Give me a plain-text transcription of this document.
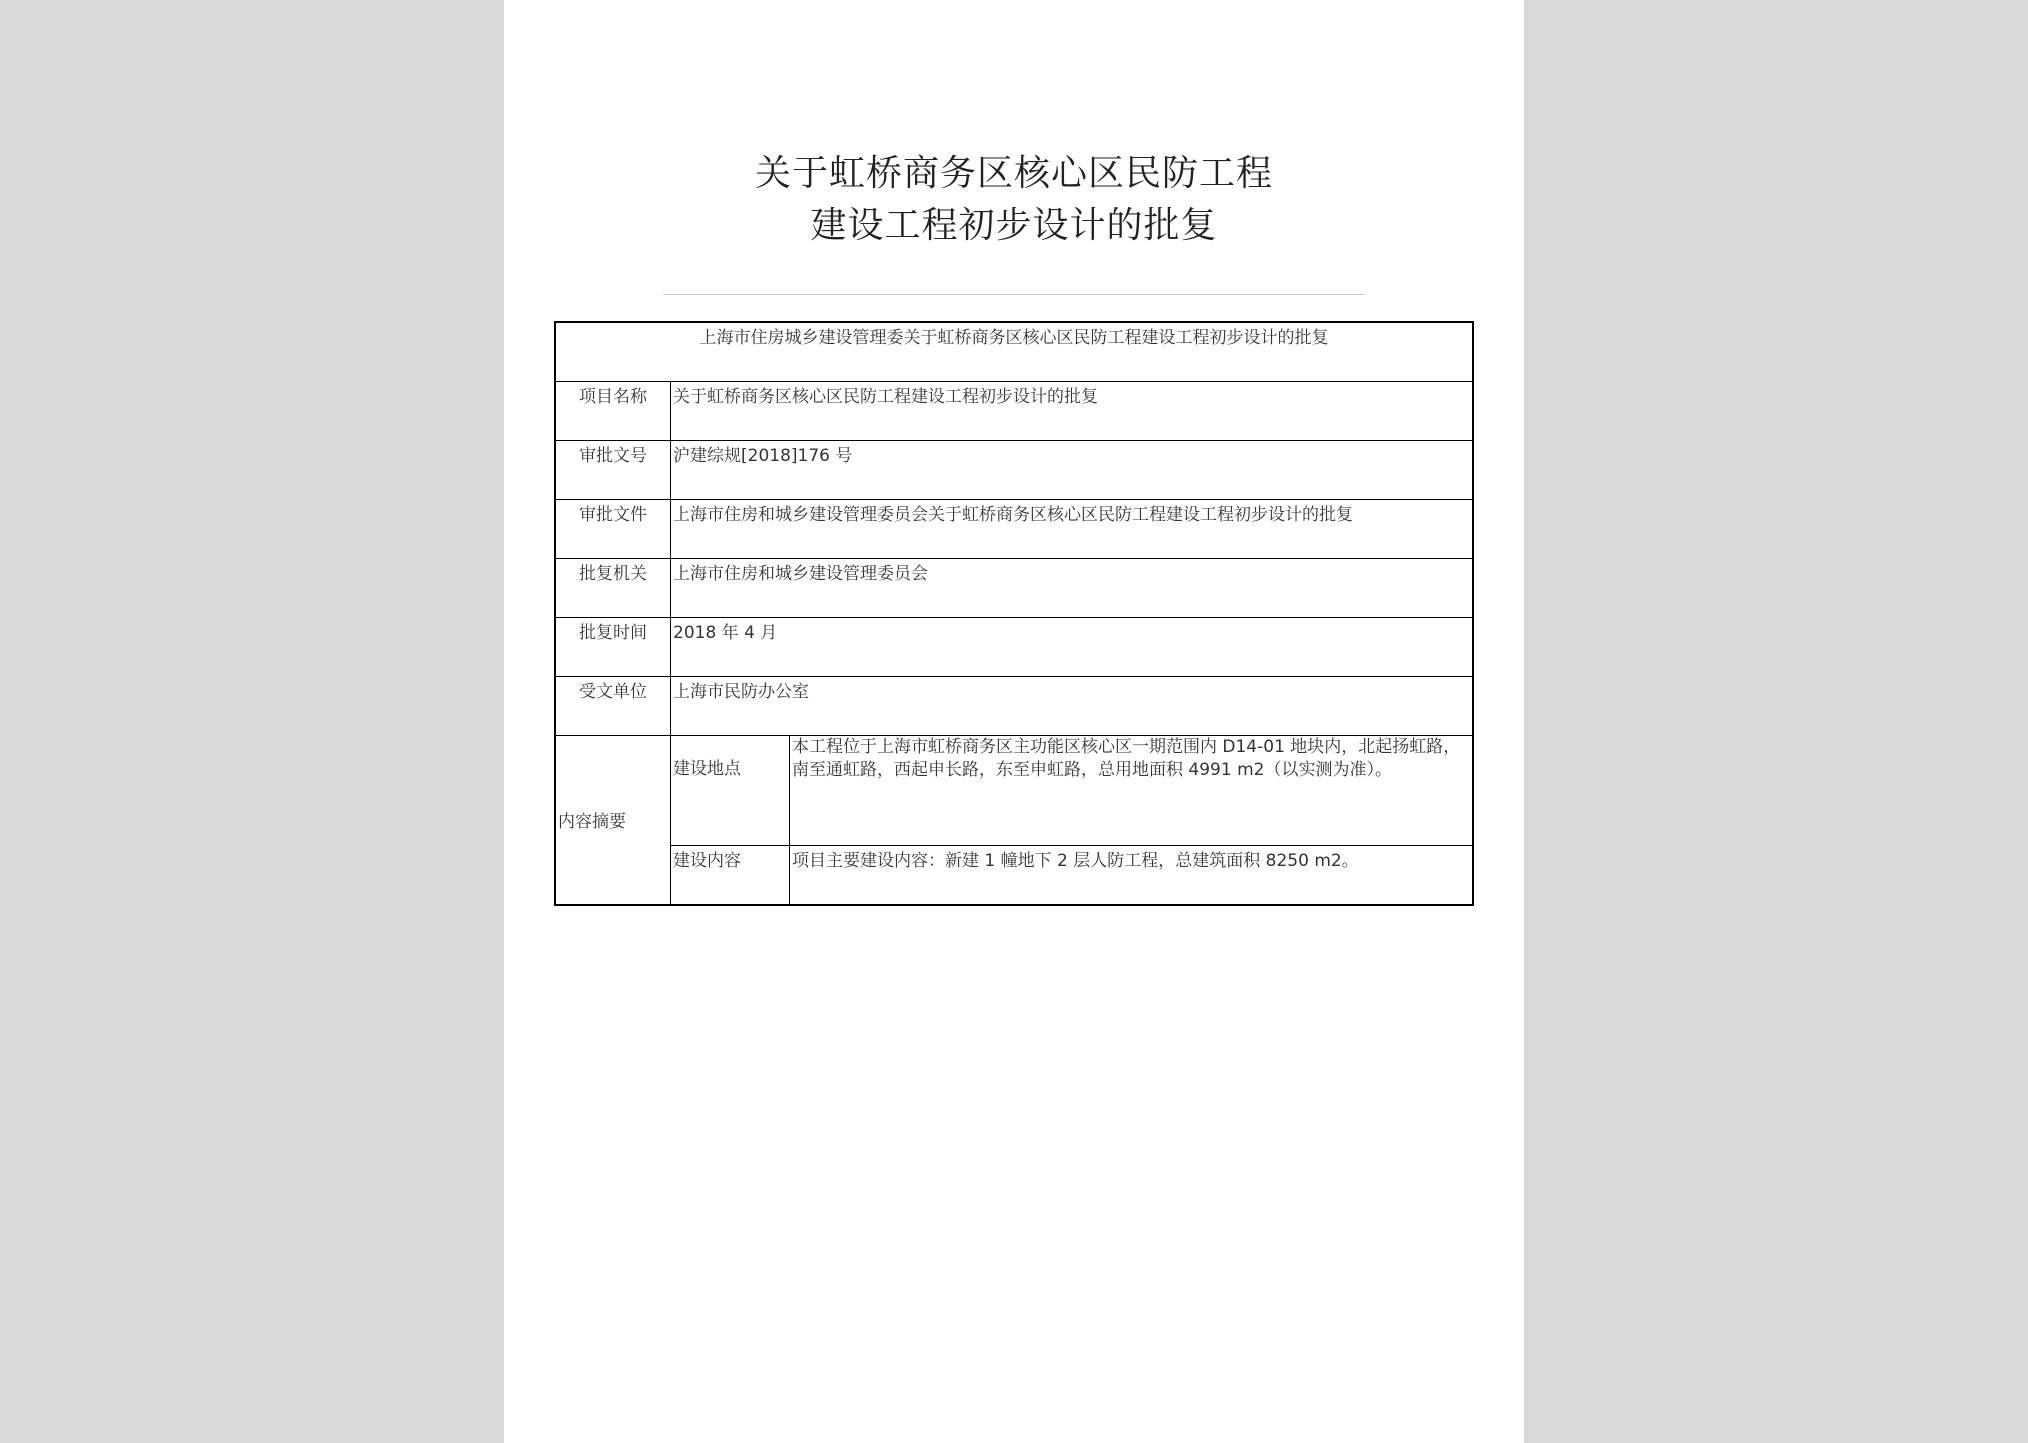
关于虹桥商务区核心区民防工程
建设工程初步设计的批复
上海市住房城乡建设管理委关于虹桥商务区核心区民防工程建设工程初步设计的批复		
项目名称	关于虹桥商务区核心区民防工程建设工程初步设计的批复	
审批文号	沪建综规[2018]176 号	
审批文件	上海市住房和城乡建设管理委员会关于虹桥商务区核心区民防工程建设工程初步设计的批复	
批复机关	上海市住房和城乡建设管理委员会	
批复时间	2018 年 4 月	
受文单位	上海市民防办公室	
内容摘要	建设地点	本工程位于上海市虹桥商务区主功能区核心区一期范围内 D14-01 地块内，北起扬虹路，南至通虹路，西起申长路，东至申虹路，总用地面积 4991 m2（以实测为准）。
	建设内容	项目主要建设内容：新建 1 幢地下 2 层人防工程，总建筑面积 8250 m2。
